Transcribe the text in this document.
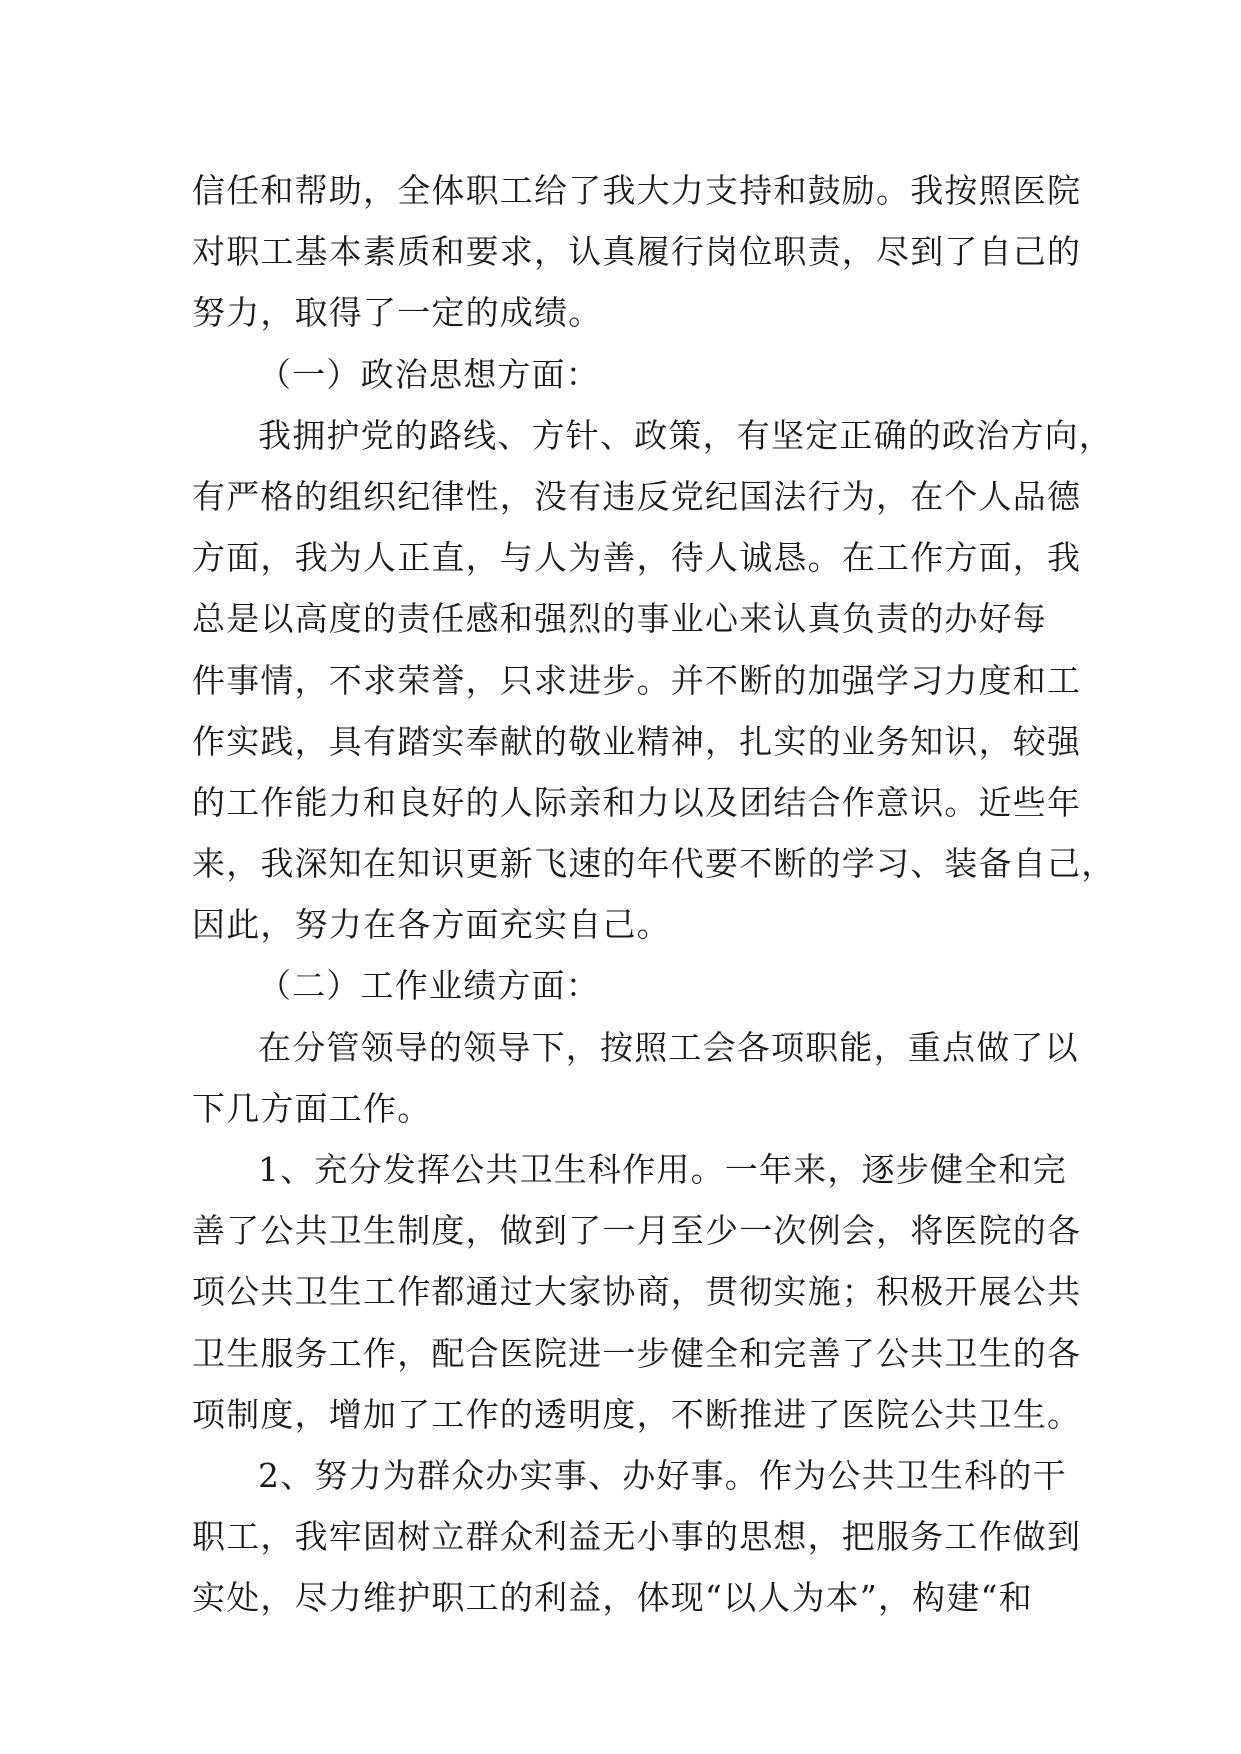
信任和帮助，全体职工给了我大力支持和鼓励。我按照医院
对职工基本素质和要求，认真履行岗位职责，尽到了自己的
努力，取得了一定的成绩。
（一）政治思想方面：
我拥护党的路线、方针、政策，有坚定正确的政治方向，
有严格的组织纪律性，没有违反党纪国法行为，在个人品德
方面，我为人正直，与人为善，待人诚恳。在工作方面，我
总是以高度的责任感和强烈的事业心来认真负责的办好每
件事情，不求荣誉，只求进步。并不断的加强学习力度和工
作实践，具有踏实奉献的敬业精神，扎实的业务知识，较强
的工作能力和良好的人际亲和力以及团结合作意识。近些年
来，我深知在知识更新飞速的年代要不断的学习、装备自己，
因此，努力在各方面充实自己。
（二）工作业绩方面：
在分管领导的领导下，按照工会各项职能，重点做了以
下几方面工作。
1、充分发挥公共卫生科作用。一年来，逐步健全和完
善了公共卫生制度，做到了一月至少一次例会，将医院的各
项公共卫生工作都通过大家协商，贯彻实施；积极开展公共
卫生服务工作，配合医院进一步健全和完善了公共卫生的各
项制度，增加了工作的透明度，不断推进了医院公共卫生。
2、努力为群众办实事、办好事。作为公共卫生科的干
职工，我牢固树立群众利益无小事的思想，把服务工作做到
实处，尽力维护职工的利益，体现“以人为本”，构建“和
